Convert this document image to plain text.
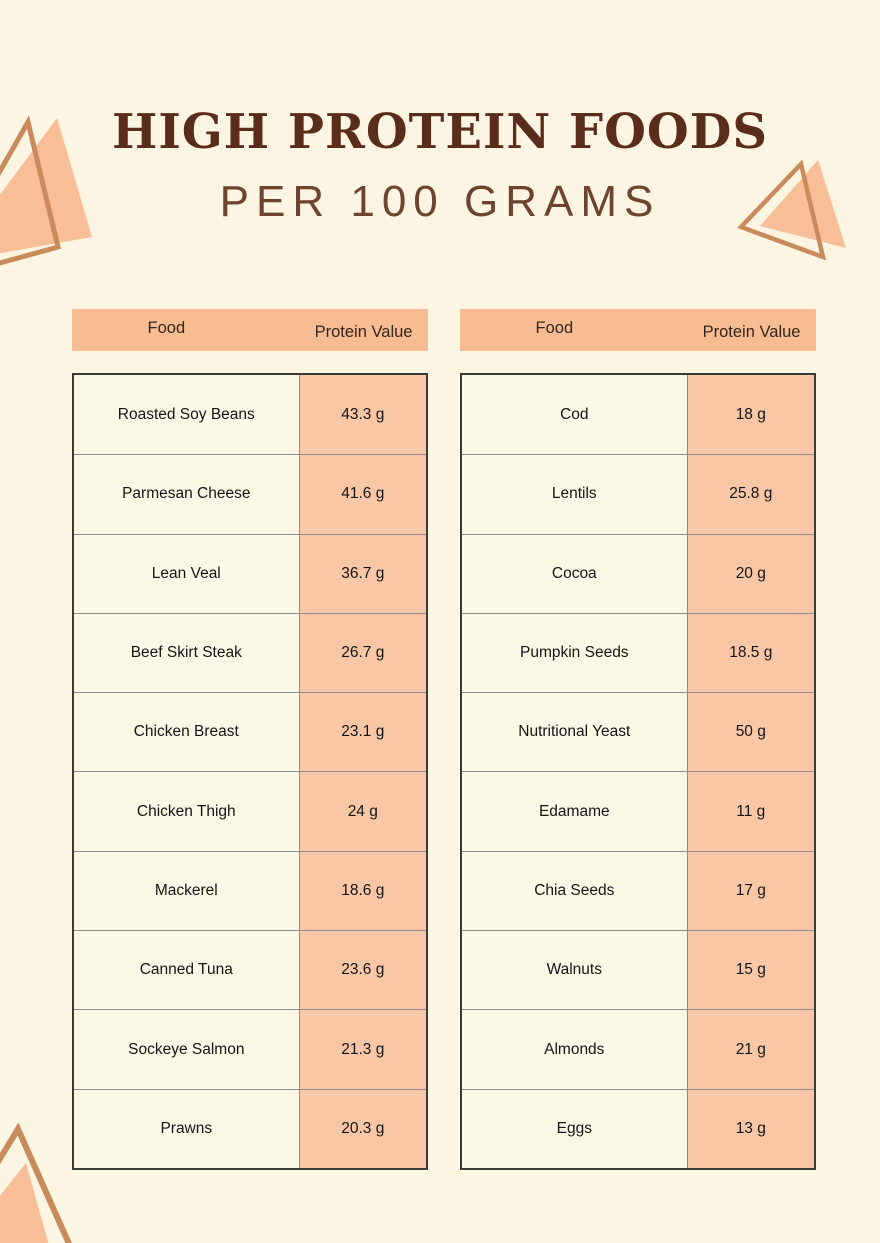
HIGH PROTEIN FOODS
PER 100 GRAMS
Food	Protein Value
Roasted Soy Beans	43.3 g
Parmesan Cheese	41.6 g
Lean Veal	36.7 g
Beef Skirt Steak	26.7 g
Chicken Breast	23.1 g
Chicken Thigh	24 g
Mackerel	18.6 g
Canned Tuna	23.6 g
Sockeye Salmon	21.3 g
Prawns	20.3 g
Food	Protein Value
Cod	18 g
Lentils	25.8 g
Cocoa	20 g
Pumpkin Seeds	18.5 g
Nutritional Yeast	50 g
Edamame	11 g
Chia Seeds	17 g
Walnuts	15 g
Almonds	21 g
Eggs	13 g
